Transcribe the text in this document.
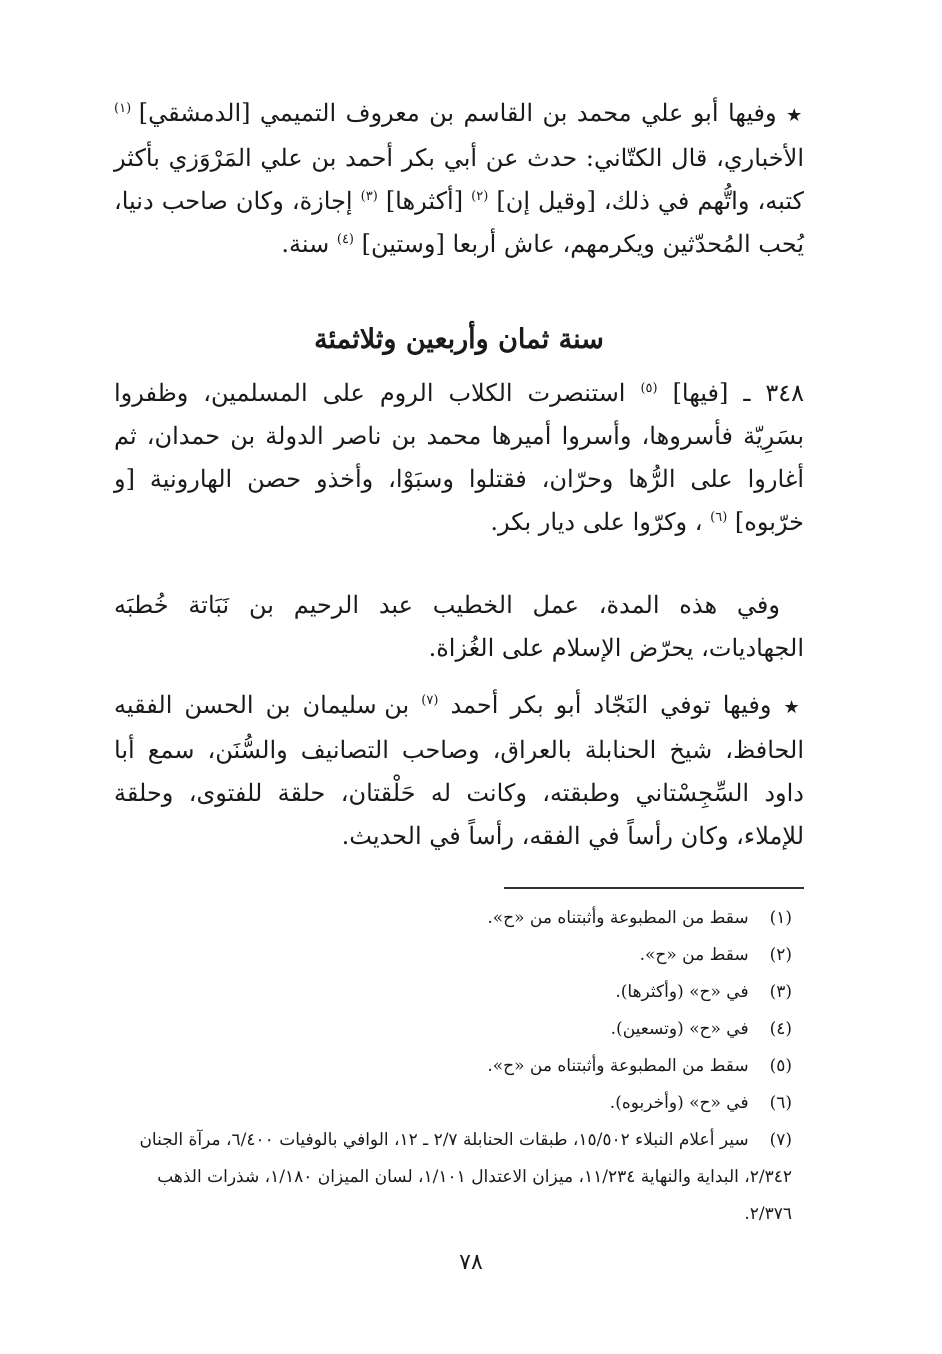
★ وفيها أبو علي محمد بن القاسم بن معروف التميمي [الدمشقي] $^{(١)}$ الأخباري، قال الكتّاني: حدث عن أبي بكر أحمد بن علي المَرْوَزي بأكثر كتبه، واتُّهم في ذلك، [وقيل إن] $^{(٢)}$ [أكثرها] $^{(٣)}$ إجازة، وكان صاحب دنيا، يُحب المُحدّثين ويكرمهم، عاش أربعا [وستين] $^{(٤)}$ سنة.
سنة ثمان وأربعين وثلاثمئة
٣٤٨ ـ [فيها] $^{(٥)}$ استنصرت الكلاب الروم على المسلمين، وظفروا بسَرِيّة فأسروها، وأسروا أميرها محمد بن ناصر الدولة بن حمدان، ثم أغاروا على الرُّها وحرّان، فقتلوا وسبَوْا، وأخذو حصن الهارونية [و خرّبوه] $^{(٦)}$ ، وكرّوا على ديار بكر.
وفي هذه المدة، عمل الخطيب عبد الرحيم بن نَبَاتة خُطبَه الجهاديات، يحرّض الإسلام على الغُزاة.
★ وفيها توفي النَجّاد أبو بكر أحمد $^{(٧)}$ بن سليمان بن الحسن الفقيه الحافظ، شيخ الحنابلة بالعراق، وصاحب التصانيف والسُّنَن، سمع أبا داود السِّجِسْتاني وطبقته، وكانت له حَلْقتان، حلقة للفتوى، وحلقة للإملاء، وكان رأساً في الفقه، رأساً في الحديث.
(١) سقط من المطبوعة وأثبتناه من «ح».
(٢) سقط من «ح».
(٣) في «ح» (وأكثرها).
(٤) في «ح» (وتسعين).
(٥) سقط من المطبوعة وأثبتناه من «ح».
(٦) في «ح» (وأخربوه).
(٧) سير أعلام النبلاء ١٥/٥٠٢، طبقات الحنابلة ٢/٧ ـ ١٢، الوافي بالوفيات ٦/٤٠٠، مرآة الجنان ٢/٣٤٢، البداية والنهاية ١١/٢٣٤، ميزان الاعتدال ١/١٠١، لسان الميزان ١/١٨٠، شذرات الذهب ٢/٣٧٦.
٧٨
